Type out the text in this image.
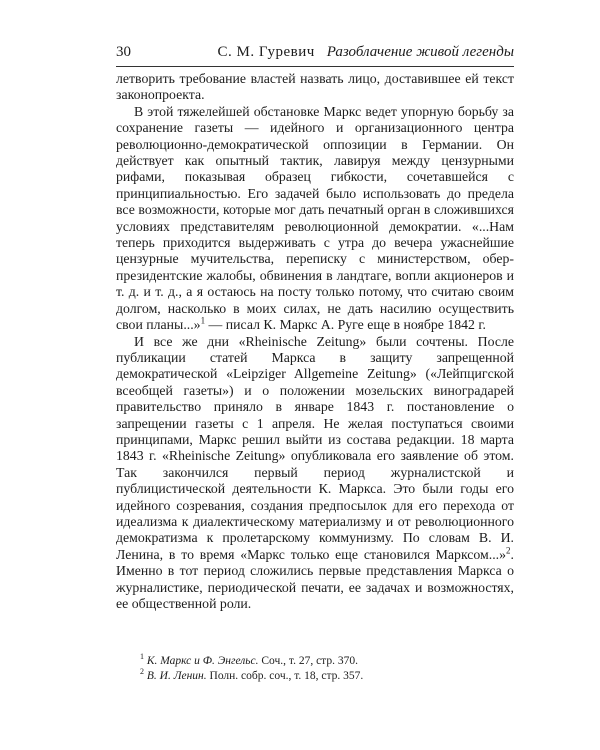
30	С. М. Гуревич Разоблачение живой легенды

летворить требование властей назвать лицо, доставившее ей текст законопроекта.

В этой тяжелейшей обстановке Маркс ведет упорную борьбу за сохранение газеты — идейного и организационного центра революционно-демократической оппозиции в Германии. Он действует как опытный тактик, лавируя между цензурными рифами, показывая образец гибкости, сочетавшейся с принципиальностью. Его задачей было использовать до предела все возможности, которые мог дать печатный орган в сложившихся условиях представителям революционной демократии. «...Нам теперь приходится выдерживать с утра до вечера ужаснейшие цензурные мучительства, переписку с министерством, обер-президентские жалобы, обвинения в ландтаге, вопли акционеров и т. д. и т. д., а я остаюсь на посту только потому, что считаю своим долгом, насколько в моих силах, не дать насилию осуществить свои планы...»$^1$ — писал К. Маркс А. Руге еще в ноябре 1842 г.

И все же дни «Rheinische Zeitung» были сочтены. После публикации статей Маркса в защиту запрещенной демократической «Leipziger Allgemeine Zeitung» («Лейпцигской всеобщей газеты») и о положении мозельских виноградарей правительство приняло в январе 1843 г. постановление о запрещении газеты с 1 апреля. Не желая поступаться своими принципами, Маркс решил выйти из состава редакции. 18 марта 1843 г. «Rheinische Zeitung» опубликовала его заявление об этом. Так закончился первый период журналистской и публицистической деятельности К. Маркса. Это были годы его идейного созревания, создания предпосылок для его перехода от идеализма к диалектическому материализму и от революционного демократизма к пролетарскому коммунизму. По словам В. И. Ленина, в то время «Маркс только еще становился Марксом...»$^2$. Именно в тот период сложились первые представления Маркса о журналистике, периодической печати, ее задачах и возможностях, ее общественной роли.

$^1$ К. Маркс и Ф. Энгельс. Соч., т. 27, стр. 370.
$^2$ В. И. Ленин. Полн. собр. соч., т. 18, стр. 357.
